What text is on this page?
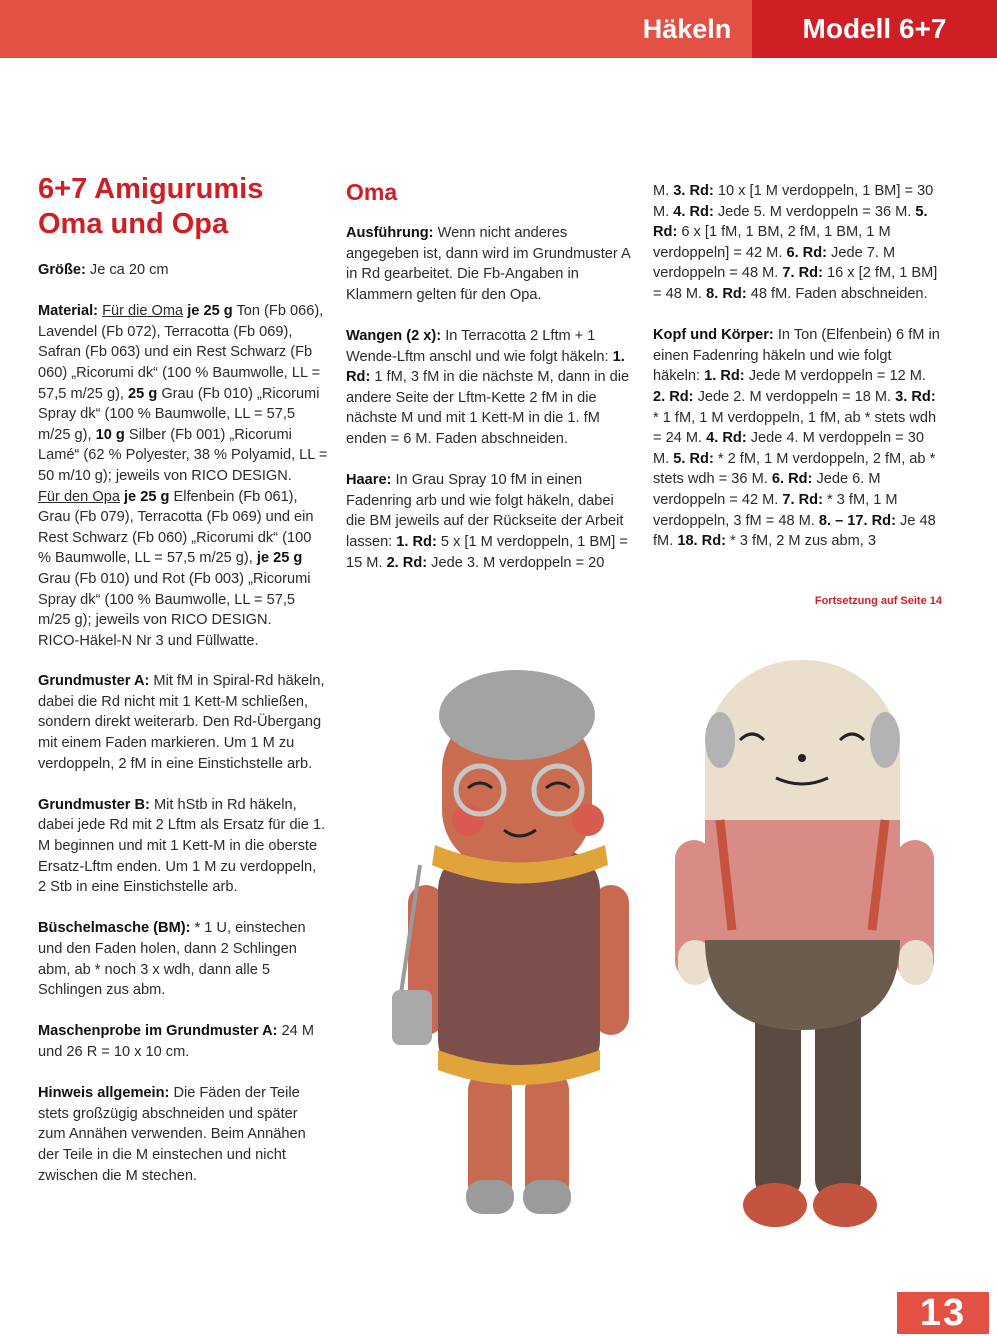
Häkeln	Modell 6+7
6+7 Amigurumis
Oma und Opa

Größe: Je ca 20 cm

Material: Für die Oma je 25 g Ton (Fb 066), Lavendel (Fb 072), Terracotta (Fb 069), Safran (Fb 063) und ein Rest Schwarz (Fb 060) „Ricorumi dk“ (100 % Baumwolle, LL = 57,5 m/25 g), 25 g Grau (Fb 010) „Ricorumi Spray dk“ (100 % Baumwolle, LL = 57,5 m/25 g), 10 g Silber (Fb 001) „Ricorumi Lamé“ (62 % Polyester, 38 % Polyamid, LL = 50 m/10 g); jeweils von RICO DESIGN.
Für den Opa je 25 g Elfenbein (Fb 061), Grau (Fb 079), Terracotta (Fb 069) und ein Rest Schwarz (Fb 060) „Ricorumi dk“ (100 % Baumwolle, LL = 57,5 m/25 g), je 25 g Grau (Fb 010) und Rot (Fb 003) „Ricorumi Spray dk“ (100 % Baumwolle, LL = 57,5 m/25 g); jeweils von RICO DESIGN.
RICO-Häkel-N Nr 3 und Füllwatte.

Grundmuster A: Mit fM in Spiral-Rd häkeln, dabei die Rd nicht mit 1 Kett-M schließen, sondern direkt weiterarb. Den Rd-Übergang mit einem Faden markieren. Um 1 M zu verdoppeln, 2 fM in eine Einstichstelle arb.

Grundmuster B: Mit hStb in Rd häkeln, dabei jede Rd mit 2 Lftm als Ersatz für die 1. M beginnen und mit 1 Kett-M in die oberste Ersatz-Lftm enden. Um 1 M zu verdoppeln, 2 Stb in eine Einstichstelle arb.

Büschelmasche (BM): * 1 U, einstechen und den Faden holen, dann 2 Schlingen abm, ab * noch 3 x wdh, dann alle 5 Schlingen zus abm.

Maschenprobe im Grundmuster A: 24 M und 26 R = 10 x 10 cm.

Hinweis allgemein: Die Fäden der Teile stets großzügig abschneiden und später zum Annähen verwenden. Beim Annähen der Teile in die M einstechen und nicht zwischen die M stechen.

Oma

Ausführung: Wenn nicht anderes angegeben ist, dann wird im Grundmuster A in Rd gearbeitet. Die Fb-Angaben in Klammern gelten für den Opa.

Wangen (2 x): In Terracotta 2 Lftm + 1 Wende-Lftm anschl und wie folgt häkeln: 1. Rd: 1 fM, 3 fM in die nächste M, dann in die andere Seite der Lftm-Kette 2 fM in die nächste M und mit 1 Kett-M in die 1. fM enden = 6 M. Faden abschneiden.

Haare: In Grau Spray 10 fM in einen Fadenring arb und wie folgt häkeln, dabei die BM jeweils auf der Rückseite der Arbeit lassen: 1. Rd: 5 x [1 M verdoppeln, 1 BM] = 15 M. 2. Rd: Jede 3. M verdoppeln = 20

M. 3. Rd: 10 x [1 M verdoppeln, 1 BM] = 30 M. 4. Rd: Jede 5. M verdoppeln = 36 M. 5. Rd: 6 x [1 fM, 1 BM, 2 fM, 1 BM, 1 M verdoppeln] = 42 M. 6. Rd: Jede 7. M verdoppeln = 48 M. 7. Rd: 16 x [2 fM, 1 BM] = 48 M. 8. Rd: 48 fM. Faden abschneiden.

Kopf und Körper: In Ton (Elfenbein) 6 fM in einen Fadenring häkeln und wie folgt häkeln: 1. Rd: Jede M verdoppeln = 12 M. 2. Rd: Jede 2. M verdoppeln = 18 M. 3. Rd: * 1 fM, 1 M verdoppeln, 1 fM, ab * stets wdh = 24 M. 4. Rd: Jede 4. M verdoppeln = 30 M. 5. Rd: * 2 fM, 1 M verdoppeln, 2 fM, ab * stets wdh = 36 M. 6. Rd: Jede 6. M verdoppeln = 42 M. 7. Rd: * 3 fM, 1 M verdoppeln, 3 fM = 48 M. 8. – 17. Rd: Je 48 fM. 18. Rd: * 3 fM, 2 M zus abm, 3

Fortsetzung auf Seite 14
13
